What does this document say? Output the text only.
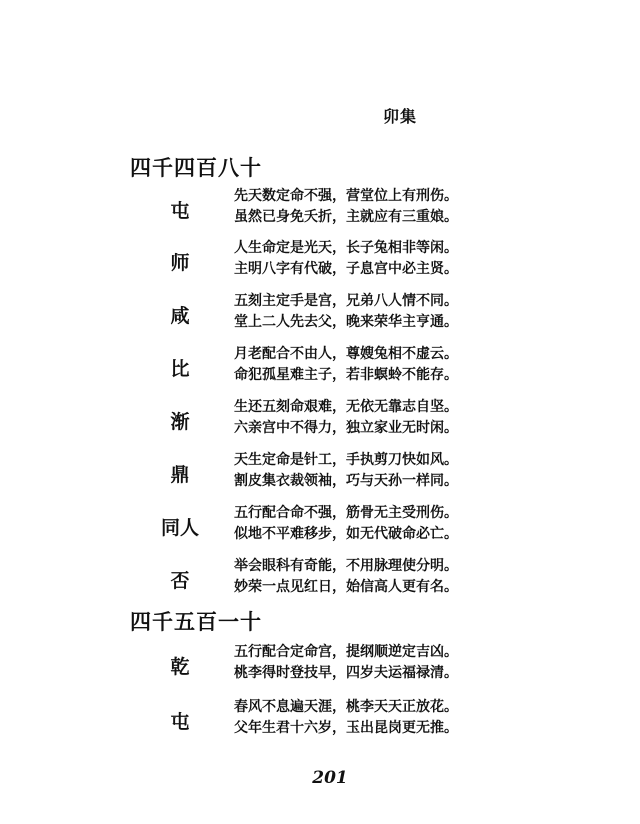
卯集
四千四百八十
屯
先天数定命不强，营堂位上有刑伤。
虽然已身免夭折，主就应有三重娘。
师
人生命定是光天，长子兔相非等闲。
主明八字有代破，子息宫中必主贤。
咸
五刻主定手是宫，兄弟八人情不同。
堂上二人先去父，晚来荣华主亨通。
比
月老配合不由人，尊嫂兔相不虚云。
命犯孤星难主子，若非螟蛉不能存。
渐
生还五刻命艰难，无依无靠志自坚。
六亲宫中不得力，独立家业无时闲。
鼎
天生定命是针工，手执剪刀快如风。
割皮集衣裁领袖，巧与天孙一样同。
同人
五行配合命不强，筋骨无主受刑伤。
似地不平难移步，如无代破命必亡。
否
举会眼科有奇能，不用脉理使分明。
妙荣一点见红日，始信高人更有名。
四千五百一十
乾
五行配合定命宫，提纲顺逆定吉凶。
桃李得时登技早，四岁夫运福禄清。
屯
春风不息遍天涯，桃李天天正放花。
父年生君十六岁，玉出昆岗更无推。
201
